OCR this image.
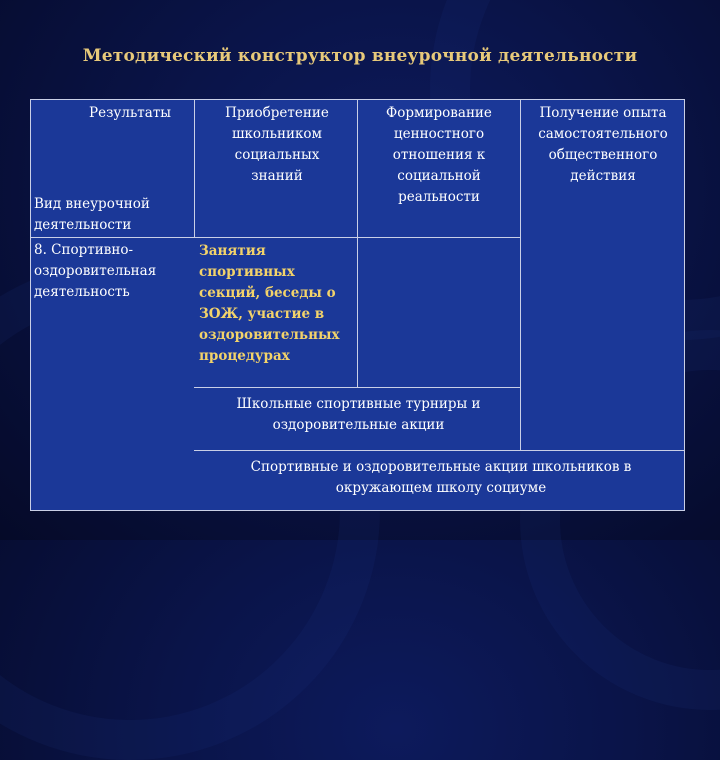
Методический конструктор внеурочной деятельности
Результаты
Вид внеурочной деятельности
Приобретение школьником социальных знаний
Формирование ценностного отношения к социальной реальности
Получение опыта самостоятельного общественного действия
8. Спортивно-оздоровительная деятельность
Занятия спортивных секций, беседы о ЗОЖ, участие в оздоровительных процедурах
Школьные спортивные турниры и оздоровительные акции
Спортивные и оздоровительные акции школьников в окружающем школу социуме
